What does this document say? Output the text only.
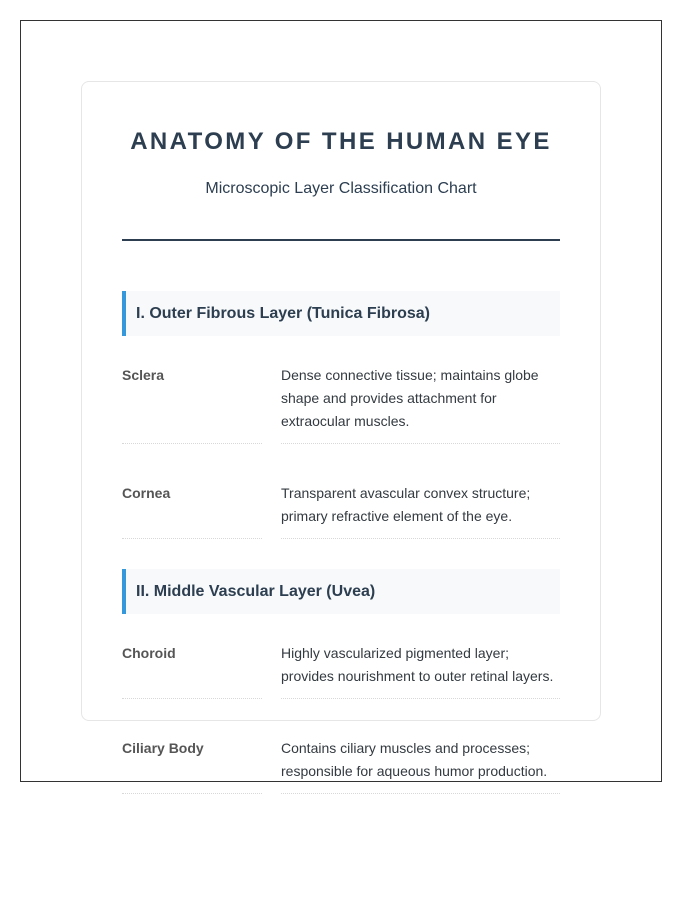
ANATOMY OF THE HUMAN EYE

Microscopic Layer Classification Chart

I. Outer Fibrous Layer (Tunica Fibrosa)
Sclera	Dense connective tissue; maintains globe shape and provides attachment for extraocular muscles.
Cornea	Transparent avascular convex structure; primary refractive element of the eye.
II. Middle Vascular Layer (Uvea)
Choroid	Highly vascularized pigmented layer; provides nourishment to outer retinal layers.
Ciliary Body	Contains ciliary muscles and processes; responsible for aqueous humor production.
